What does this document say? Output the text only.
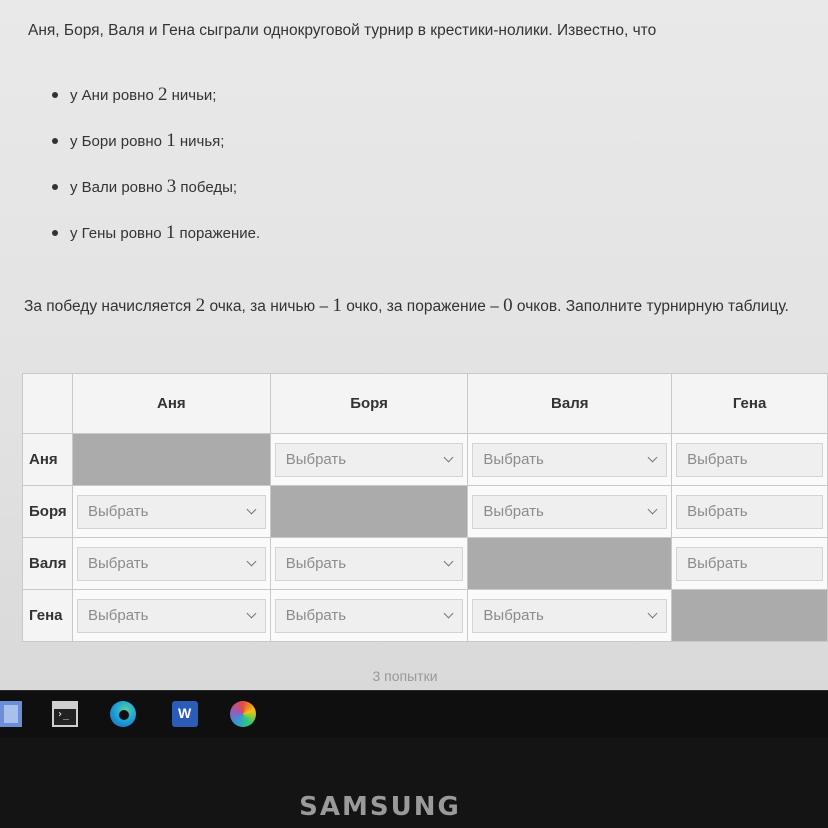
Аня, Боря, Валя и Гена сыграли однокруговой турнир в крестики-нолики. Известно, что
у Ани ровно 2 ничьи;
у Бори ровно 1 ничья;
у Вали ровно 3 победы;
у Гены ровно 1 поражение.
За победу начисляется 2 очка, за ничью – 1 очко, за поражение – 0 очков. Заполните турнирную таблицу.
	Аня	Боря	Валя	Гена
Аня		Выбрать	Выбрать	Выбрать

Боря	Выбрать		Выбрать	Выбрать

Валя	Выбрать	Выбрать		Выбрать

Гена	Выбрать	Выбрать	Выбрать	

3 попытки
›_
W
SAMSUNG
